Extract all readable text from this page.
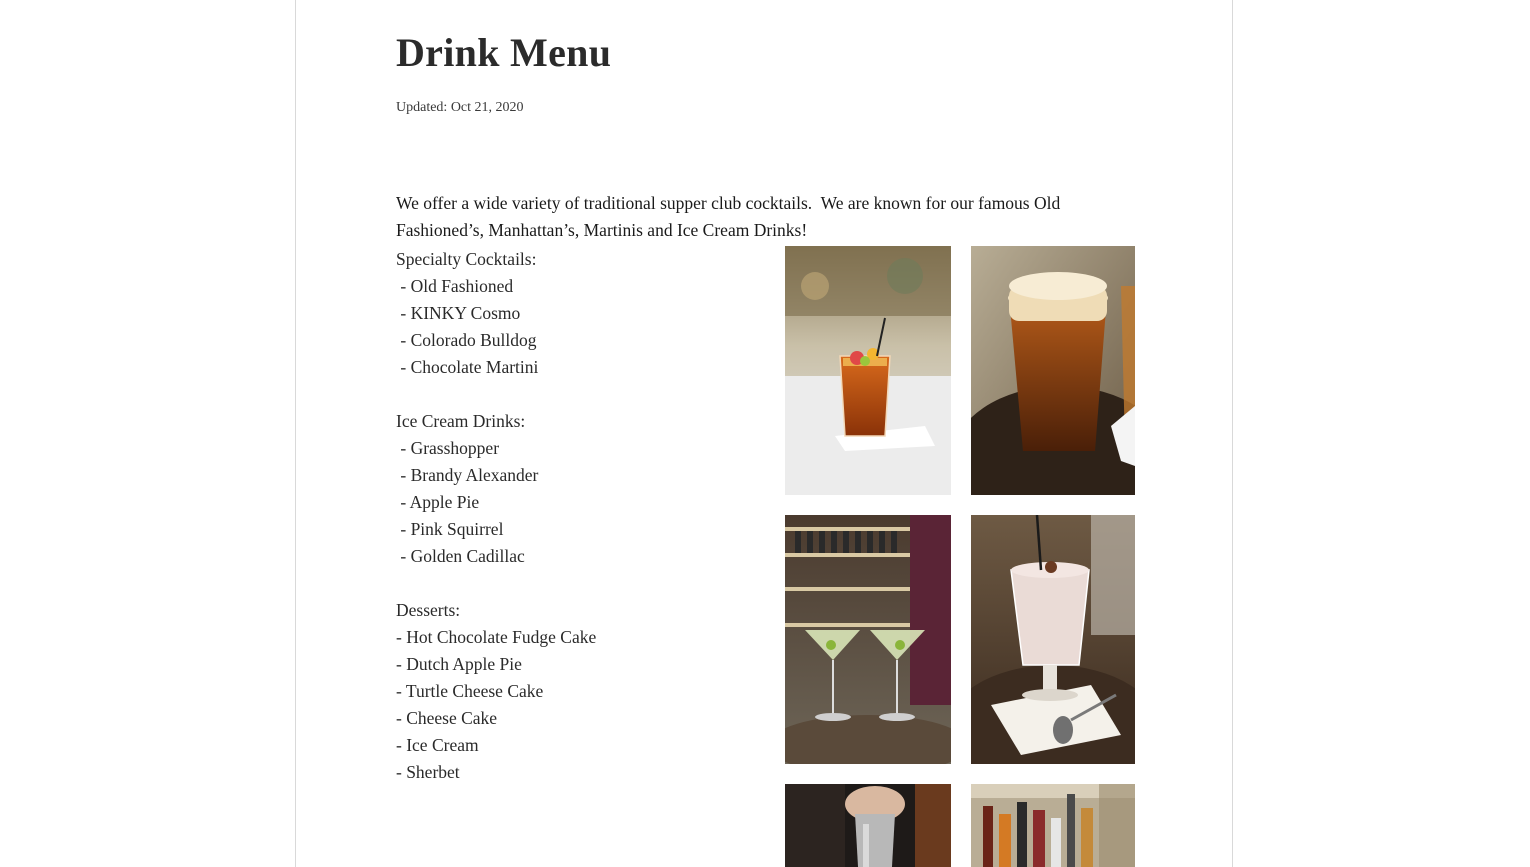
Drink Menu
Updated: Oct 21, 2020

We offer a wide variety of traditional supper club cocktails.  We are known for our famous Old Fashioned’s, Manhattan’s, Martinis and Ice Cream Drinks!

Specialty Cocktails:
- Old Fashioned
- KINKY Cosmo
- Colorado Bulldog
- Chocolate Martini
Ice Cream Drinks:
- Grasshopper
- Brandy Alexander
- Apple Pie
- Pink Squirrel
- Golden Cadillac
Desserts:
- Hot Chocolate Fudge Cake
- Dutch Apple Pie
- Turtle Cheese Cake
- Cheese Cake
- Ice Cream
- Sherbet
